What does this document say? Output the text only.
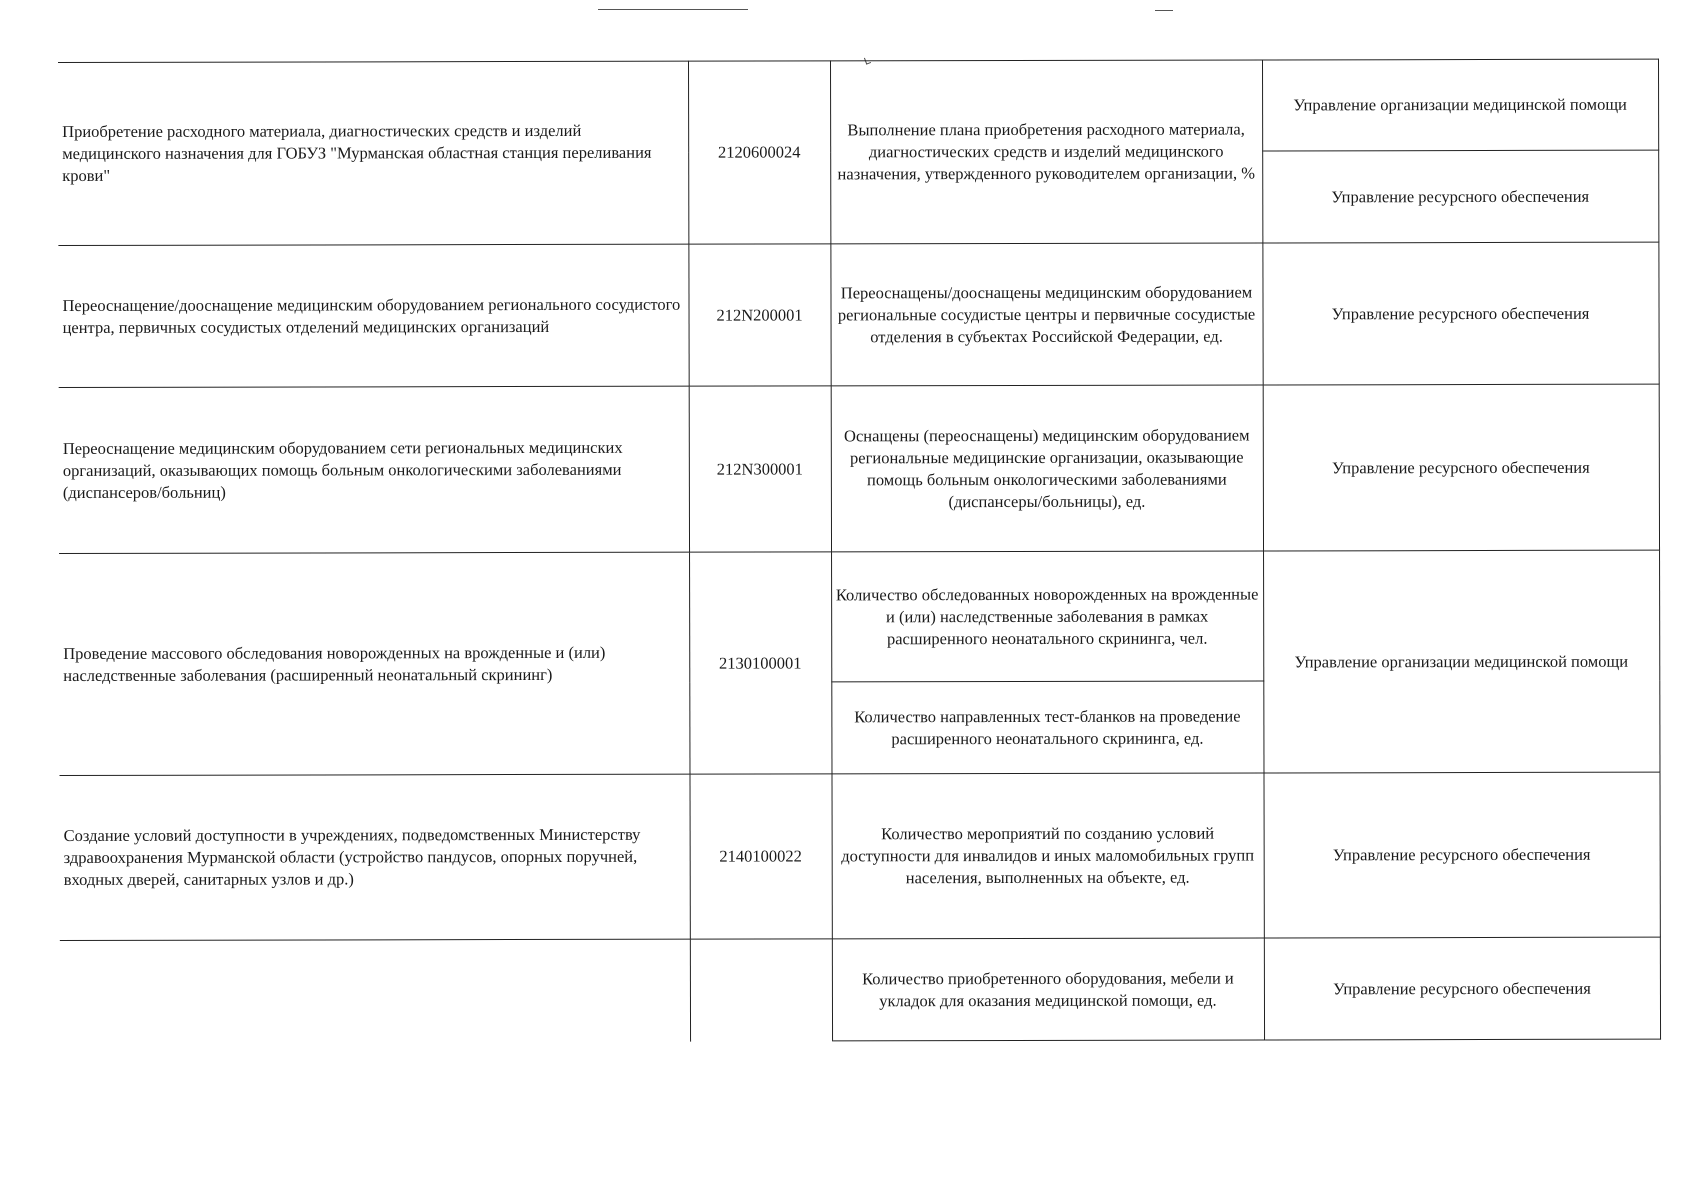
Приобретение расходного материала, диагностических средств и изделий медицинского назначения для ГОБУЗ "Мурманская областная станция переливания крови"	2120600024	Выполнение плана приобретения расходного материала, диагностических средств и изделий медицинского назначения, утвержденного руководителем организации, %	Управление организации медицинской помощи
			Управление ресурсного обеспечения
Переоснащение/дооснащение медицинским оборудованием регионального сосудистого центра, первичных сосудистых отделений медицинских организаций	212N200001	Переоснащены/дооснащены медицинским оборудованием региональные сосудистые центры и первичные сосудистые отделения в субъектах Российской Федерации, ед.	Управление ресурсного обеспечения
Переоснащение медицинским оборудованием сети региональных медицинских организаций, оказывающих помощь больным онкологическими заболеваниями (диспансеров/больниц)	212N300001	Оснащены (переоснащены) медицинским оборудованием региональные медицинские организации, оказывающие помощь больным онкологическими заболеваниями (диспансеры/больницы), ед.	Управление ресурсного обеспечения
Проведение массового обследования новорожденных на врожденные и (или) наследственные заболевания (расширенный неонатальный скрининг)	2130100001	Количество обследованных новорожденных на врожденные и (или) наследственные заболевания в рамках расширенного неонатального скрининга, чел.	Управление организации медицинской помощи
		Количество направленных тест-бланков на проведение расширенного неонатального скрининга, ед.	
Создание условий доступности в учреждениях, подведомственных Министерству здравоохранения Мурманской области (устройство пандусов, опорных поручней, входных дверей, санитарных узлов и др.)	2140100022	Количество мероприятий по созданию условий доступности для инвалидов и иных маломобильных групп населения, выполненных на объекте, ед.	Управление ресурсного обеспечения
		Количество приобретенного оборудования, мебели и укладок для оказания медицинской помощи, ед.	Управление ресурсного обеспечения
